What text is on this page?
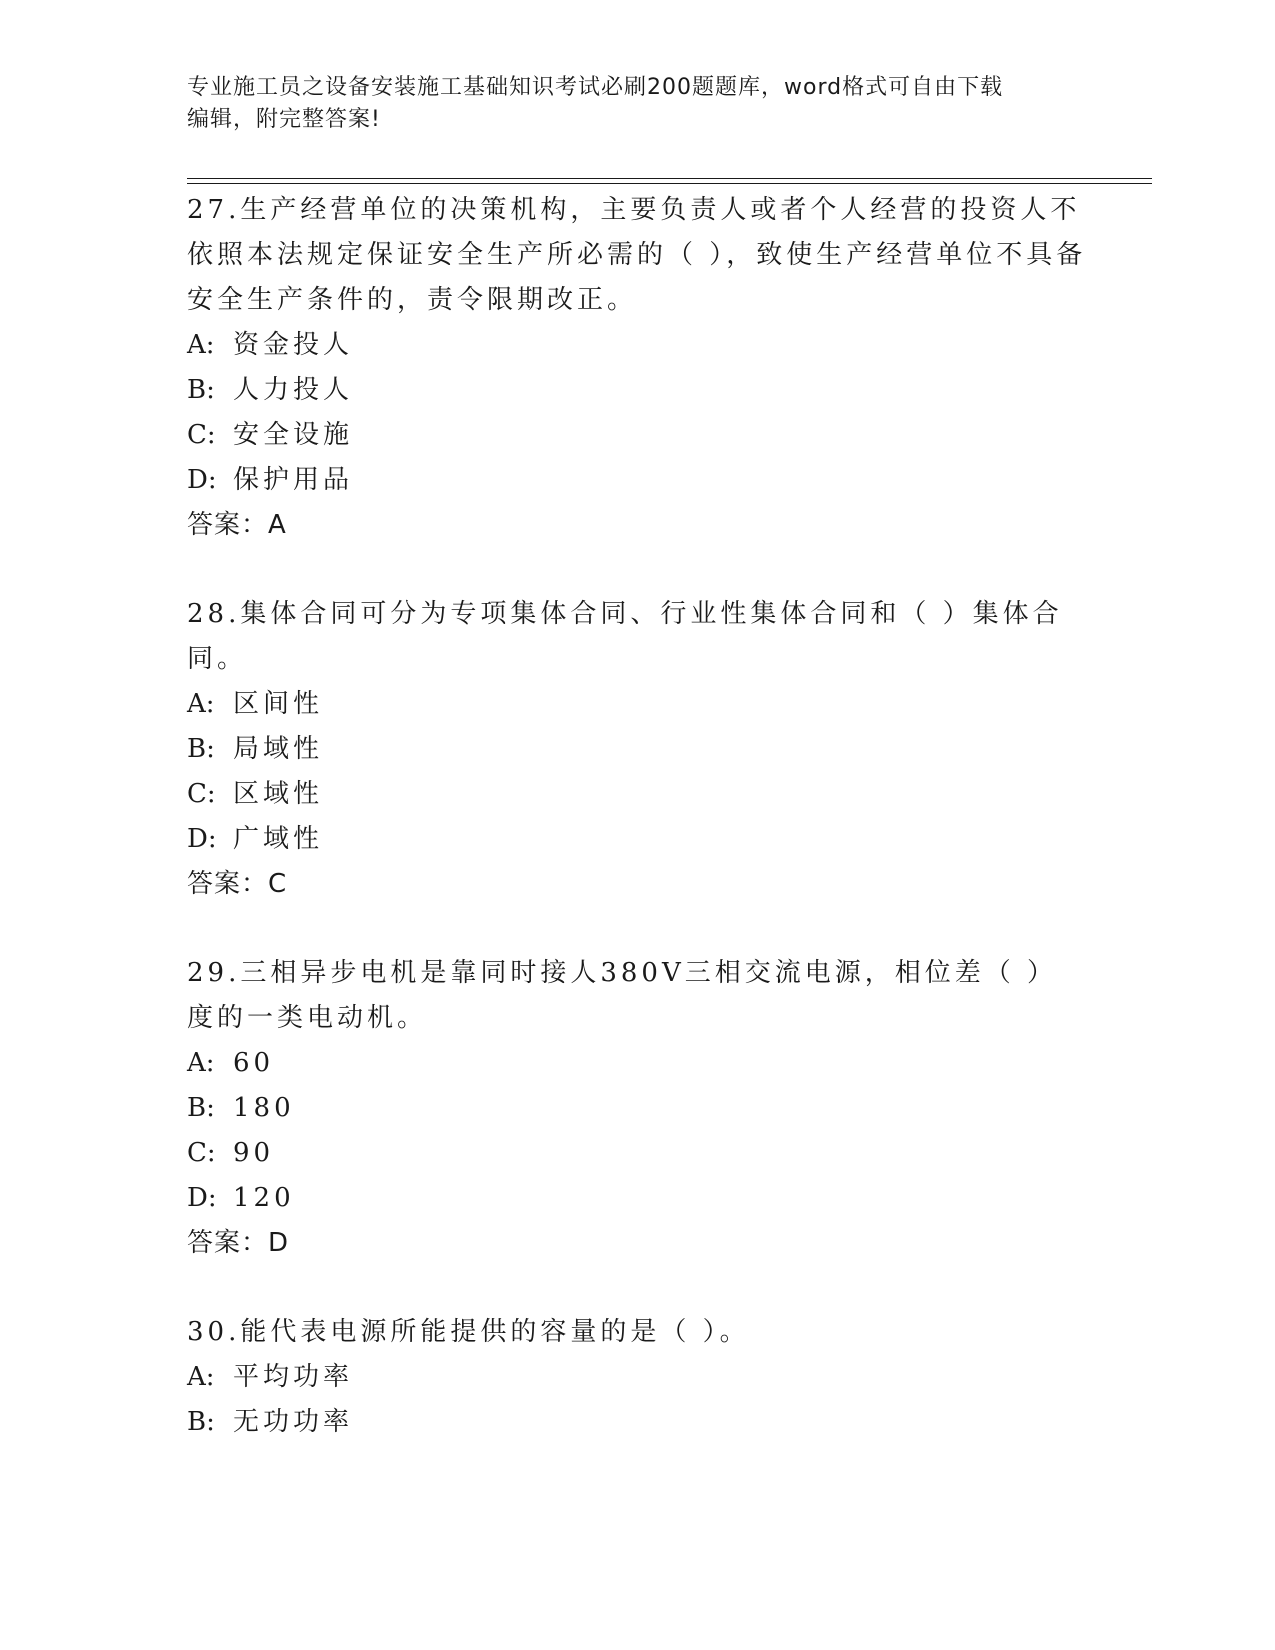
专业施工员之设备安装施工基础知识考试必刷200题题库，word格式可自由下载
编辑，附完整答案!
27.生产经营单位的决策机构，主要负责人或者个人经营的投资人不依照本法规定保证安全生产所必需的（ ），致使生产经营单位不具备安全生产条件的，责令限期改正。
A: 资金投人
B: 人力投人
C: 安全设施
D: 保护用品
答案：A
28.集体合同可分为专项集体合同、行业性集体合同和（ ）集体合同。
A: 区间性
B: 局域性
C: 区域性
D: 广域性
答案：C
29.三相异步电机是靠同时接人380V三相交流电源，相位差（ ）度的一类电动机。
A: 60
B: 180
C: 90
D: 120
答案：D
30.能代表电源所能提供的容量的是（ ）。
A: 平均功率
B: 无功功率
